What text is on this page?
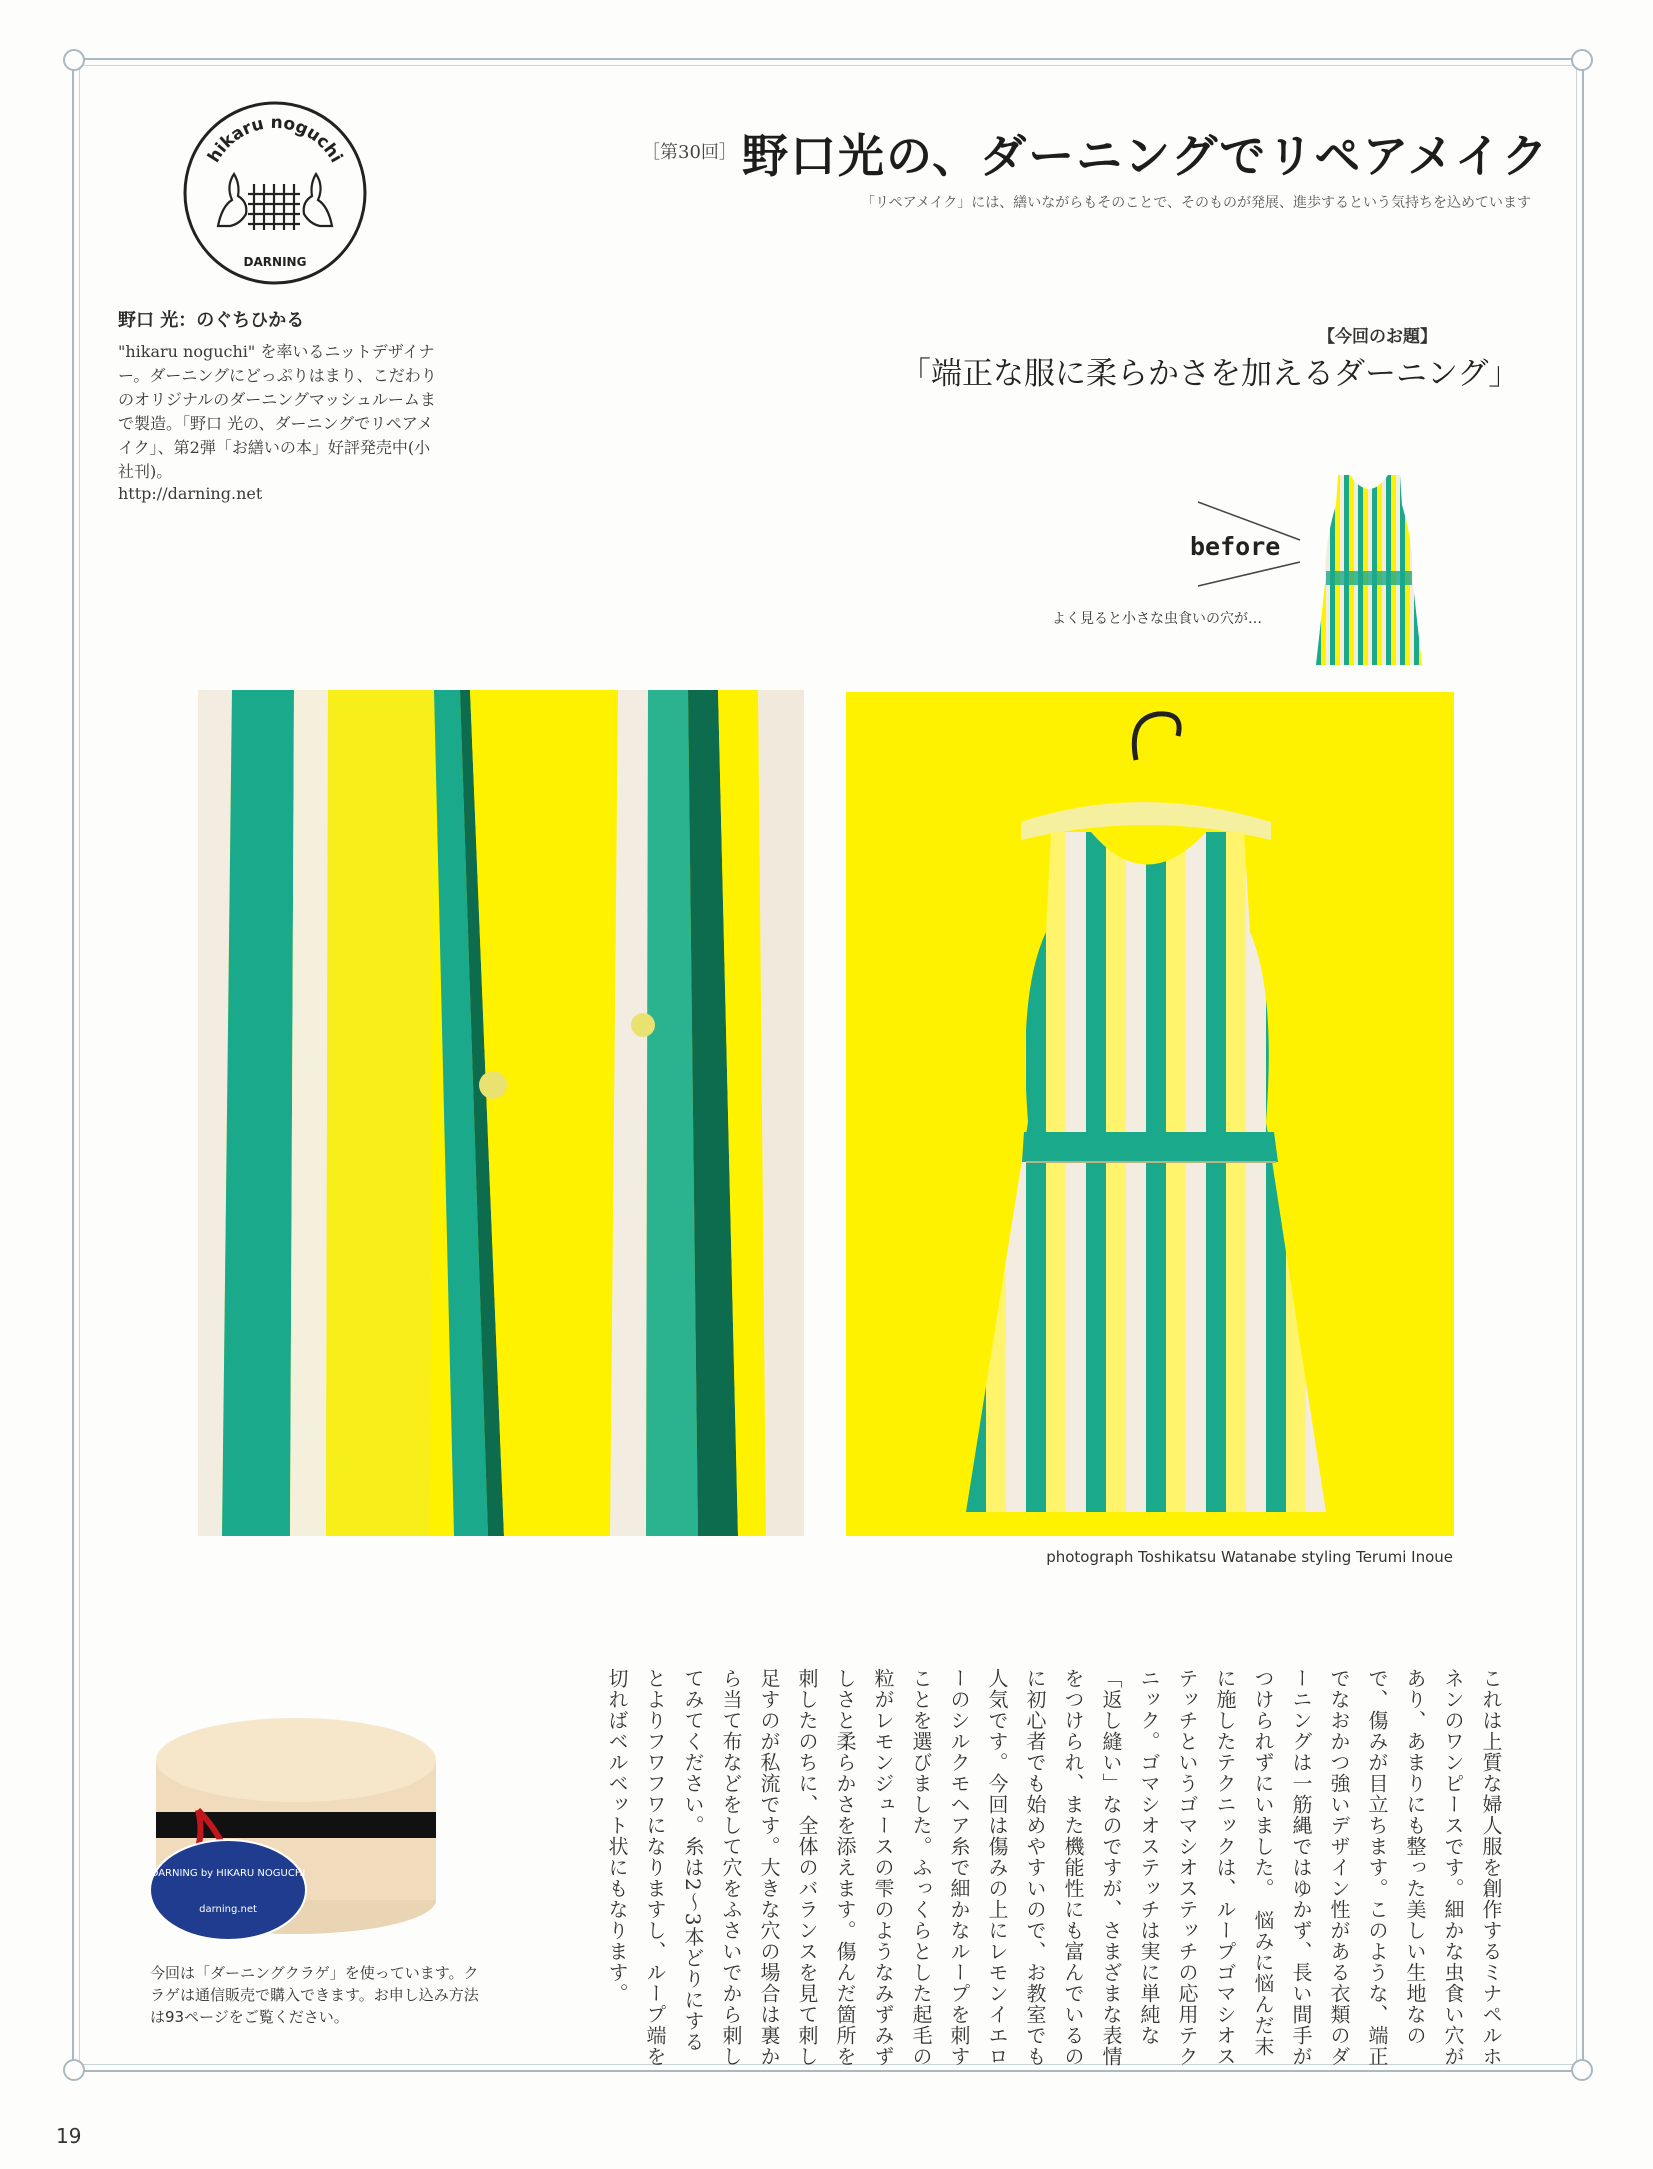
hikaru noguchi
DARNING
野口 光：のぐちひかる
"hikaru noguchi" を率いるニットデザイナー。ダーニングにどっぷりはまり、こだわりのオリジナルのダーニングマッシュルームまで製造。「野口 光の、ダーニングでリペアメイク」、第2弾「お繕いの本」好評発売中(小社刊)。
http://darning.net
［第30回］ 野口光の、ダーニングでリペアメイク
「リペアメイク」には、繕いながらもそのことで、そのものが発展、進歩するという気持ちを込めています
【今回のお題】
「端正な服に柔らかさを加えるダーニング」
before
よく見ると小さな虫食いの穴が…
photograph Toshikatsu Watanabe styling Terumi Inoue
これは上質な婦人服を創作するミナペルホネンのワンピースです。細かな虫食い穴があり、あまりにも整った美しい生地なので、傷みが目立ちます。このような、端正でなおかつ強いデザイン性がある衣類のダーニングは一筋縄ではゆかず、長い間手がつけられずにいました。　悩みに悩んだ末に施したテクニックは、ループゴマシオステッチというゴマシオステッチの応用テクニック。ゴマシオステッチは実に単純な「返し縫い」なのですが、さまざまな表情をつけられ、また機能性にも富んでいるのに初心者でも始めやすいので、お教室でも人気です。今回は傷みの上にレモンイエローのシルクモヘア糸で細かなループを刺すことを選びました。ふっくらとした起毛の粒がレモンジュースの雫のようなみずみずしさと柔らかさを添えます。傷んだ箇所を刺したのちに、全体のバランスを見て刺し足すのが私流です。大きな穴の場合は裏から当て布などをして穴をふさいでから刺してみてください。糸は2〜3本どりにするとよりフワフワになりますし、ループ端を切ればベルベット状にもなります。
DARNING by HIKARU NOGUCHI
darning.net
今回は「ダーニングクラゲ」を使っています。クラゲは通信販売で購入できます。お申し込み方法は93ページをご覧ください。
19
